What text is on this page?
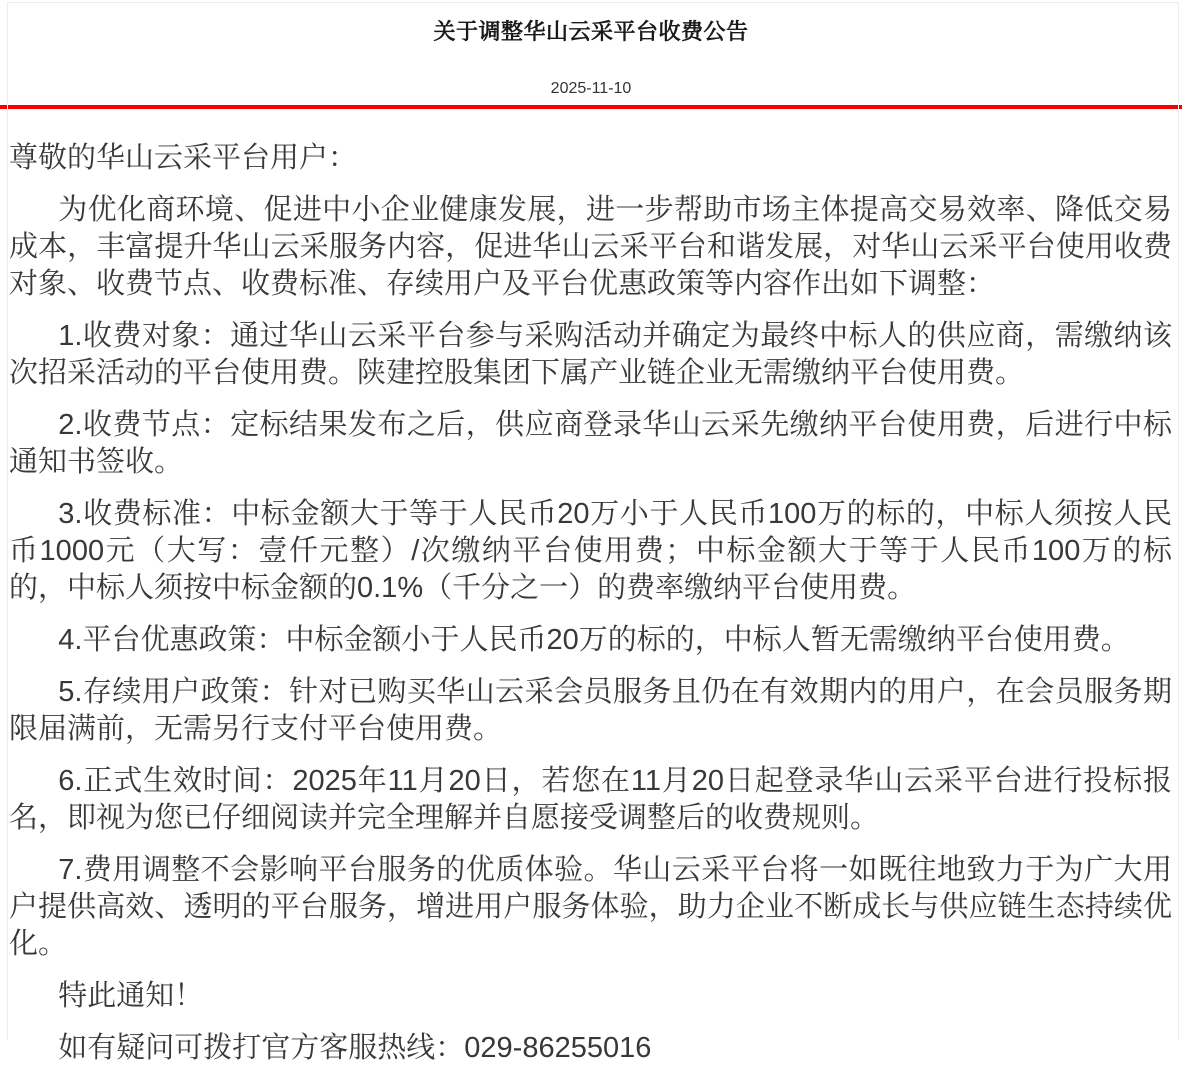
关于调整华山云采平台收费公告
2025-11-10

尊敬的华山云采平台用户：

为优化商环境、促进中小企业健康发展，进一步帮助市场主体提高交易效率、降低交易成本，丰富提升华山云采服务内容，促进华山云采平台和谐发展，对华山云采平台使用收费对象、收费节点、收费标准、存续用户及平台优惠政策等内容作出如下调整：

1.收费对象：通过华山云采平台参与采购活动并确定为最终中标人的供应商，需缴纳该次招采活动的平台使用费。陕建控股集团下属产业链企业无需缴纳平台使用费。

2.收费节点：定标结果发布之后，供应商登录华山云采先缴纳平台使用费，后进行中标通知书签收。

3.收费标准：中标金额大于等于人民币20万小于人民币100万的标的，中标人须按人民币1000元（大写：壹仟元整）/次缴纳平台使用费；中标金额大于等于人民币100万的标的，中标人须按中标金额的0.1%（千分之一）的费率缴纳平台使用费。

4.平台优惠政策：中标金额小于人民币20万的标的，中标人暂无需缴纳平台使用费。

5.存续用户政策：针对已购买华山云采会员服务且仍在有效期内的用户，在会员服务期限届满前，无需另行支付平台使用费。

6.正式生效时间：2025年11月20日，若您在11月20日起登录华山云采平台进行投标报名，即视为您已仔细阅读并完全理解并自愿接受调整后的收费规则。

7.费用调整不会影响平台服务的优质体验。华山云采平台将一如既往地致力于为广大用户提供高效、透明的平台服务，增进用户服务体验，助力企业不断成长与供应链生态持续优化。

特此通知！

如有疑问可拨打官方客服热线：029-86255016
